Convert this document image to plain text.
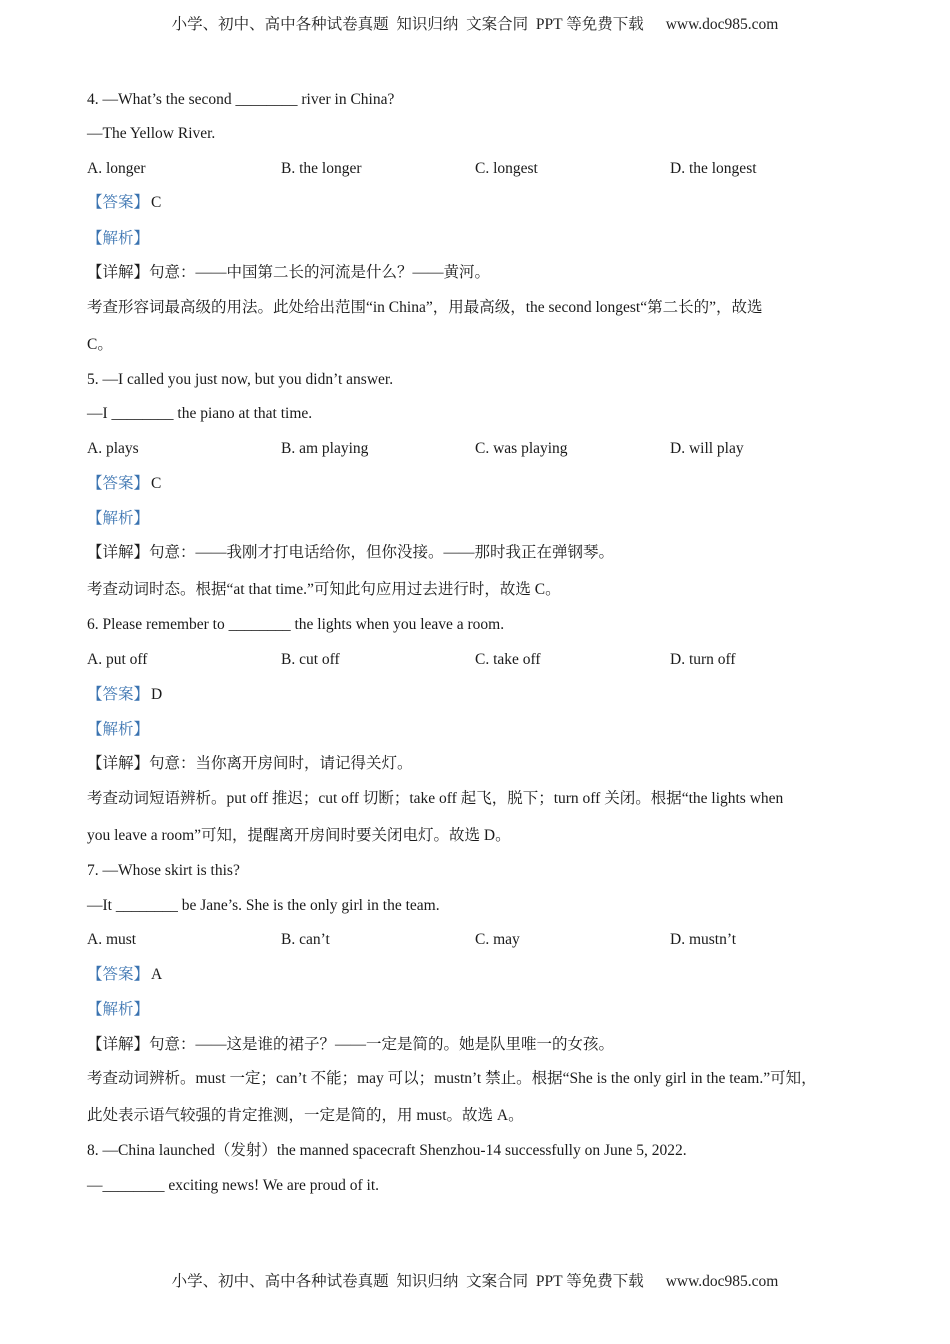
小学、初中、高中各种试卷真题  知识归纳  文案合同  PPT 等免费下载 www.doc985.com
4. —What’s the second ________ river in China?
—The Yellow River.
A. longer	B. the longer	C. longest	D. the longest
【答案】 C
【解析】
【详解】句意：——中国第二长的河流是什么？——黄河。
考查形容词最高级的用法。此处给出范围“in China”，用最高级，the second longest“第二长的”，故选
C。
5. —I called you just now, but you didn’t answer.
—I ________ the piano at that time.
A. plays	B. am playing	C. was playing	D. will play
【答案】 C
【解析】
【详解】句意：——我刚才打电话给你，但你没接。——那时我正在弹钢琴。
考查动词时态。根据“at that time.”可知此句应用过去进行时，故选 C。
6. Please remember to ________ the lights when you leave a room.
A. put off	B. cut off	C. take off	D. turn off
【答案】 D
【解析】
【详解】句意：当你离开房间时，请记得关灯。
考查动词短语辨析。put off 推迟；cut off 切断；take off 起飞，脱下；turn off 关闭。根据“the lights when
you leave a room”可知，提醒离开房间时要关闭电灯。故选 D。
7. —Whose skirt is this?
—It ________ be Jane’s. She is the only girl in the team.
A. must	B. can’t	C. may	D. mustn’t
【答案】 A
【解析】
【详解】句意：——这是谁的裙子？——一定是简的。她是队里唯一的女孩。
考查动词辨析。must 一定；can’t 不能；may 可以；mustn’t 禁止。根据“She is the only girl in the team.”可知，
此处表示语气较强的肯定推测，一定是简的，用 must。故选 A。
8. —China launched（发射）the manned spacecraft Shenzhou-14 successfully on June 5, 2022.
—________ exciting news! We are proud of it.
小学、初中、高中各种试卷真题  知识归纳  文案合同  PPT 等免费下载 www.doc985.com
